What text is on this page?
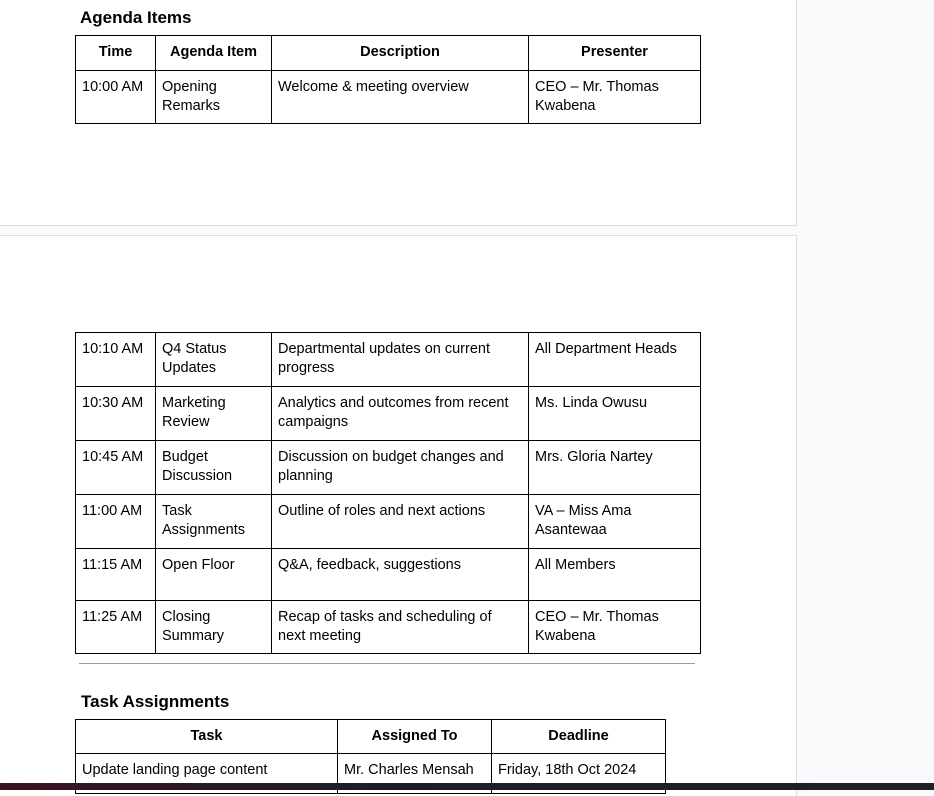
Agenda Items
Time	Agenda Item	Description	Presenter
10:00 AM	Opening Remarks	Welcome & meeting overview	CEO – Mr. Thomas Kwabena
10:10 AM	Q4 Status Updates	Departmental updates on current progress	All Department Heads
10:30 AM	Marketing Review	Analytics and outcomes from recent campaigns	Ms. Linda Owusu
10:45 AM	Budget Discussion	Discussion on budget changes and planning	Mrs. Gloria Nartey
11:00 AM	Task Assignments	Outline of roles and next actions	VA – Miss Ama Asantewaa
11:15 AM	Open Floor	Q&A, feedback, suggestions	All Members
11:25 AM	Closing Summary	Recap of tasks and scheduling of next meeting	CEO – Mr. Thomas Kwabena
Task Assignments
Task	Assigned To	Deadline
Update landing page content	Mr. Charles Mensah	Friday, 18th Oct 2024
